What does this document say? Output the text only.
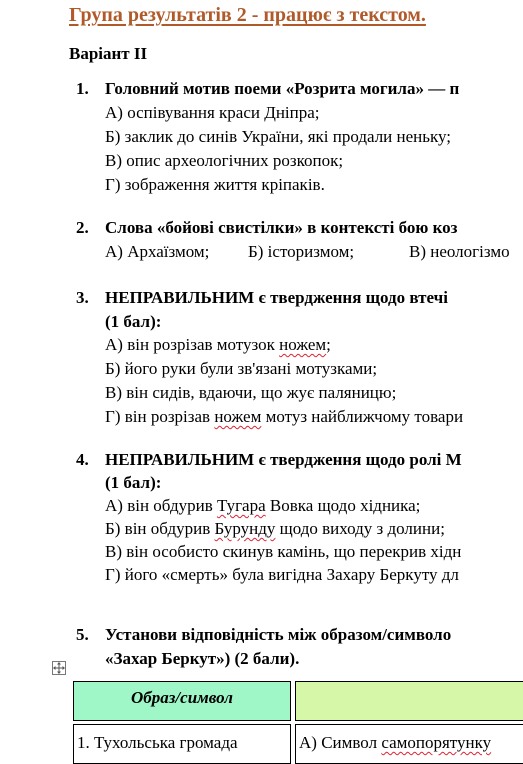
Група результатів 2 - працює з текстом.
Варіант ІІ
1. Головний мотив поеми «Розрита могила» — п
А) оспівування краси Дніпра;
Б) заклик до синів України, які продали неньку;
В) опис археологічних розкопок;
Г) зображення життя кріпаків.
2. Слова «бойові свистілки» в контексті бою коз
А) Архаїзмом; Б) історизмом;	В) неологізмо
3. НЕПРАВИЛЬНИМ є твердження щодо втечі
(1 бал):
А) він розрізав мотузок ножем;
Б) його руки були зв'язані мотузками;
В) він сидів, вдаючи, що жує паляницю;
Г) він розрізав ножем мотуз найближчому товари
4. НЕПРАВИЛЬНИМ є твердження щодо ролі М
(1 бал):
А) він обдурив Тугара Вовка щодо хідника;
Б) він обдурив Бурунду щодо виходу з долини;
В) він особисто скинув камінь, що перекрив хідн
Г) його «смерть» була вигідна Захару Беркуту дл
5. Установи відповідність між образом/символо
«Захар Беркут») (2 бали).
Образ/символ
1. Тухольська громада	А) Символ самопорятунку
